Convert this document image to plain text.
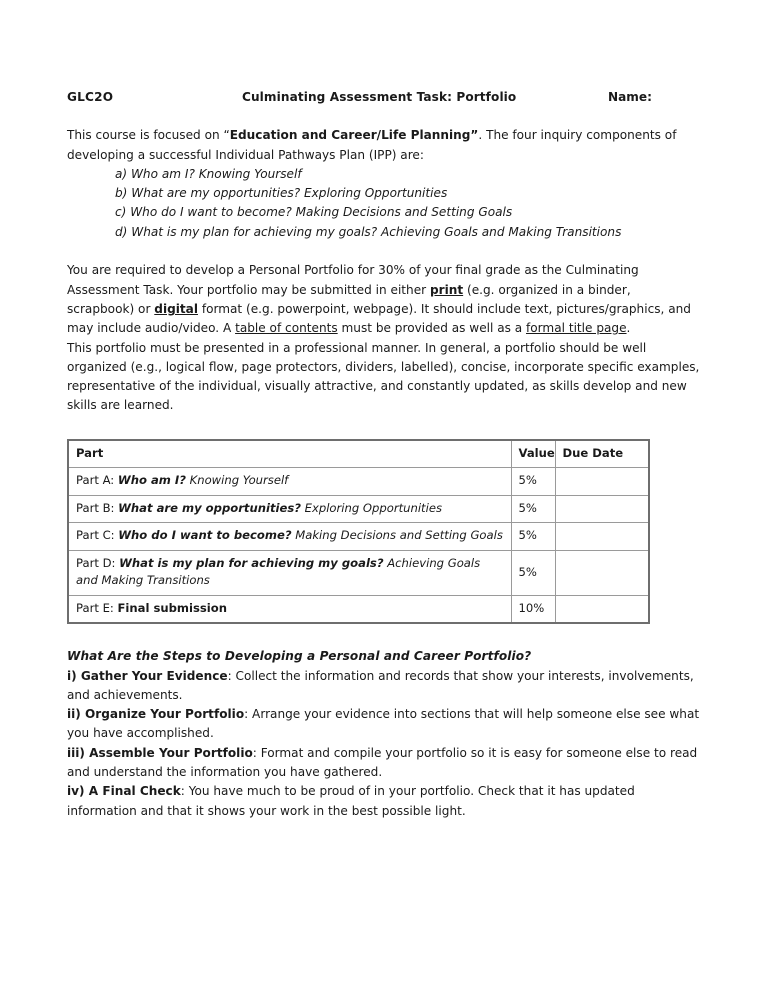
GLC2O	Culminating Assessment Task: Portfolio	Name:

This course is focused on “Education and Career/Life Planning”. The four inquiry components of developing a successful Individual Pathways Plan (IPP) are:

a) Who am I? Knowing Yourself
b) What are my opportunities? Exploring Opportunities
c) Who do I want to become? Making Decisions and Setting Goals
d) What is my plan for achieving my goals? Achieving Goals and Making Transitions

You are required to develop a Personal Portfolio for 30% of your final grade as the Culminating Assessment Task. Your portfolio may be submitted in either print (e.g. organized in a binder, scrapbook) or digital format (e.g. powerpoint, webpage). It should include text, pictures/graphics, and may include audio/video. A table of contents must be provided as well as a formal title page.

This portfolio must be presented in a professional manner. In general, a portfolio should be well organized (e.g., logical flow, page protectors, dividers, labelled), concise, incorporate specific examples, representative of the individual, visually attractive, and constantly updated, as skills develop and new skills are learned.

Part	Value	Due Date
Part A: Who am I? Knowing Yourself	5%	
Part B: What are my opportunities? Exploring Opportunities	5%	
Part C: Who do I want to become? Making Decisions and Setting Goals	5%	
Part D: What is my plan for achieving my goals? Achieving Goals and Making Transitions	5%	
Part E: Final submission	10%	

What Are the Steps to Developing a Personal and Career Portfolio?

i) Gather Your Evidence: Collect the information and records that show your interests, involvements, and achievements.

ii) Organize Your Portfolio: Arrange your evidence into sections that will help someone else see what you have accomplished.

iii) Assemble Your Portfolio: Format and compile your portfolio so it is easy for someone else to read and understand the information you have gathered.

iv) A Final Check: You have much to be proud of in your portfolio. Check that it has updated information and that it shows your work in the best possible light.
